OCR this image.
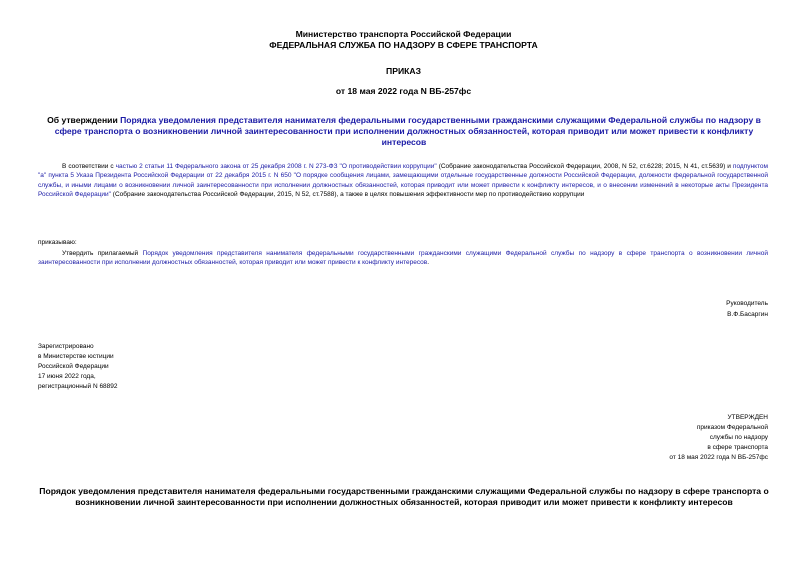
Министерство транспорта Российской Федерации
ФЕДЕРАЛЬНАЯ СЛУЖБА ПО НАДЗОРУ В СФЕРЕ ТРАНСПОРТА
ПРИКАЗ
от 18 мая 2022 года N ВБ-257фс
Об утверждении Порядка уведомления представителя нанимателя федеральными государственными гражданскими служащими Федеральной службы по надзору в сфере транспорта о возникновении личной заинтересованности при исполнении должностных обязанностей, которая приводит или может привести к конфликту интересов
В соответствии с частью 2 статьи 11 Федерального закона от 25 декабря 2008 г. N 273-ФЗ "О противодействии коррупции" (Собрание законодательства Российской Федерации, 2008, N 52, ст.6228; 2015, N 41, ст.5639) и подпунктом "а" пункта 5 Указа Президента Российской Федерации от 22 декабря 2015 г. N 650 "О порядке сообщения лицами, замещающими отдельные государственные должности Российской Федерации, должности федеральной государственной службы, и иными лицами о возникновении личной заинтересованности при исполнении должностных обязанностей, которая приводит или может привести к конфликту интересов, и о внесении изменений в некоторые акты Президента Российской Федерации" (Собрание законодательства Российской Федерации, 2015, N 52, ст.7588), а также в целях повышения эффективности мер по противодействию коррупции
приказываю:
Утвердить прилагаемый Порядок уведомления представителя нанимателя федеральными государственными гражданскими служащими Федеральной службы по надзору в сфере транспорта о возникновении личной заинтересованности при исполнении должностных обязанностей, которая приводит или может привести к конфликту интересов.
Руководитель
В.Ф.Басаргин
Зарегистрировано
в Министерстве юстиции
Российской Федерации
17 июня 2022 года,
регистрационный N 68892
УТВЕРЖДЕН
приказом Федеральной
службы по надзору
в сфере транспорта
от 18 мая 2022 года N ВБ-257фс
Порядок уведомления представителя нанимателя федеральными государственными гражданскими служащими Федеральной службы по надзору в сфере транспорта о возникновении личной заинтересованности при исполнении должностных обязанностей, которая приводит или может привести к конфликту интересов
